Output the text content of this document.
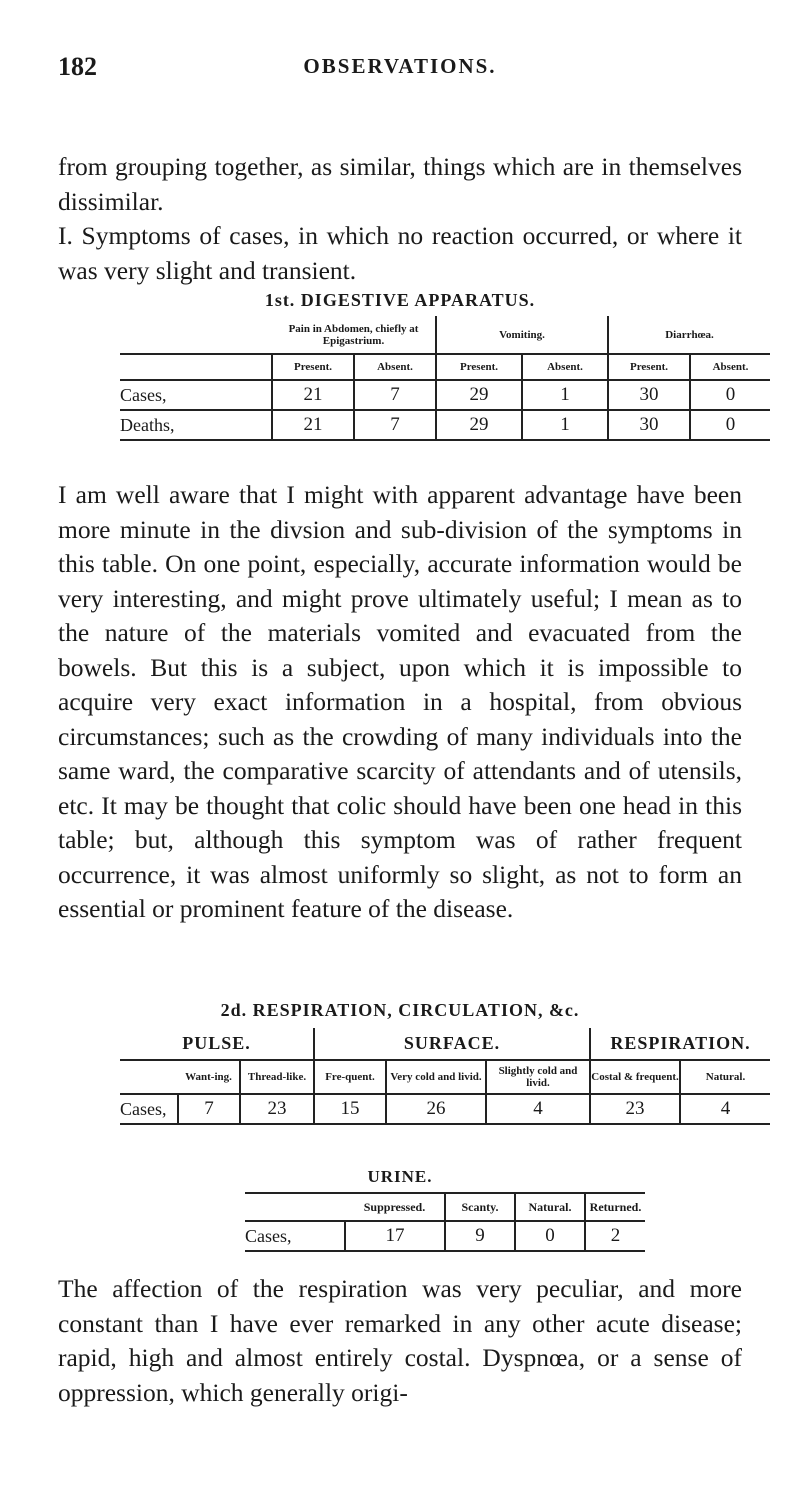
182	OBSERVATIONS.
from grouping together, as similar, things which are in themselves dissimilar.
I. Symptoms of cases, in which no reaction occurred, or where it was very slight and transient.
1st. DIGESTIVE APPARATUS.
	Pain in Abdomen, chiefly at Epigastrium.		Vomiting.		Diarrhœa.	
	Present.	Absent.	Present.	Absent.	Present.	Absent.
Cases,	21	7	29	1	30	0
Deaths,	21	7	29	1	30	0
I am well aware that I might with apparent advantage have been more minute in the divsion and sub-division of the symptoms in this table. On one point, especially, accurate information would be very interesting, and might prove ultimately useful; I mean as to the nature of the materials vomited and evacuated from the bowels. But this is a subject, upon which it is impossible to acquire very exact information in a hospital, from obvious circumstances; such as the crowding of many individuals into the same ward, the comparative scarcity of attendants and of utensils, etc. It may be thought that colic should have been one head in this table; but, although this symptom was of rather frequent occurrence, it was almost uniformly so slight, as not to form an essential or prominent feature of the disease.
2d. RESPIRATION, CIRCULATION, &c.
PULSE.			SURFACE.			RESPIRATION.	
	Want-ing.	Thread-like.	Fre-quent.	Very cold and livid.	Slightly cold and livid.	Costal & frequent.	Natural.
Cases,	7	23	15	26	4	23	4
URINE.
	Suppressed.	Scanty.	Natural.	Returned.
Cases,	17	9	0	2
The affection of the respiration was very peculiar, and more constant than I have ever remarked in any other acute disease; rapid, high and almost entirely costal. Dyspnœa, or a sense of oppression, which generally origi-
